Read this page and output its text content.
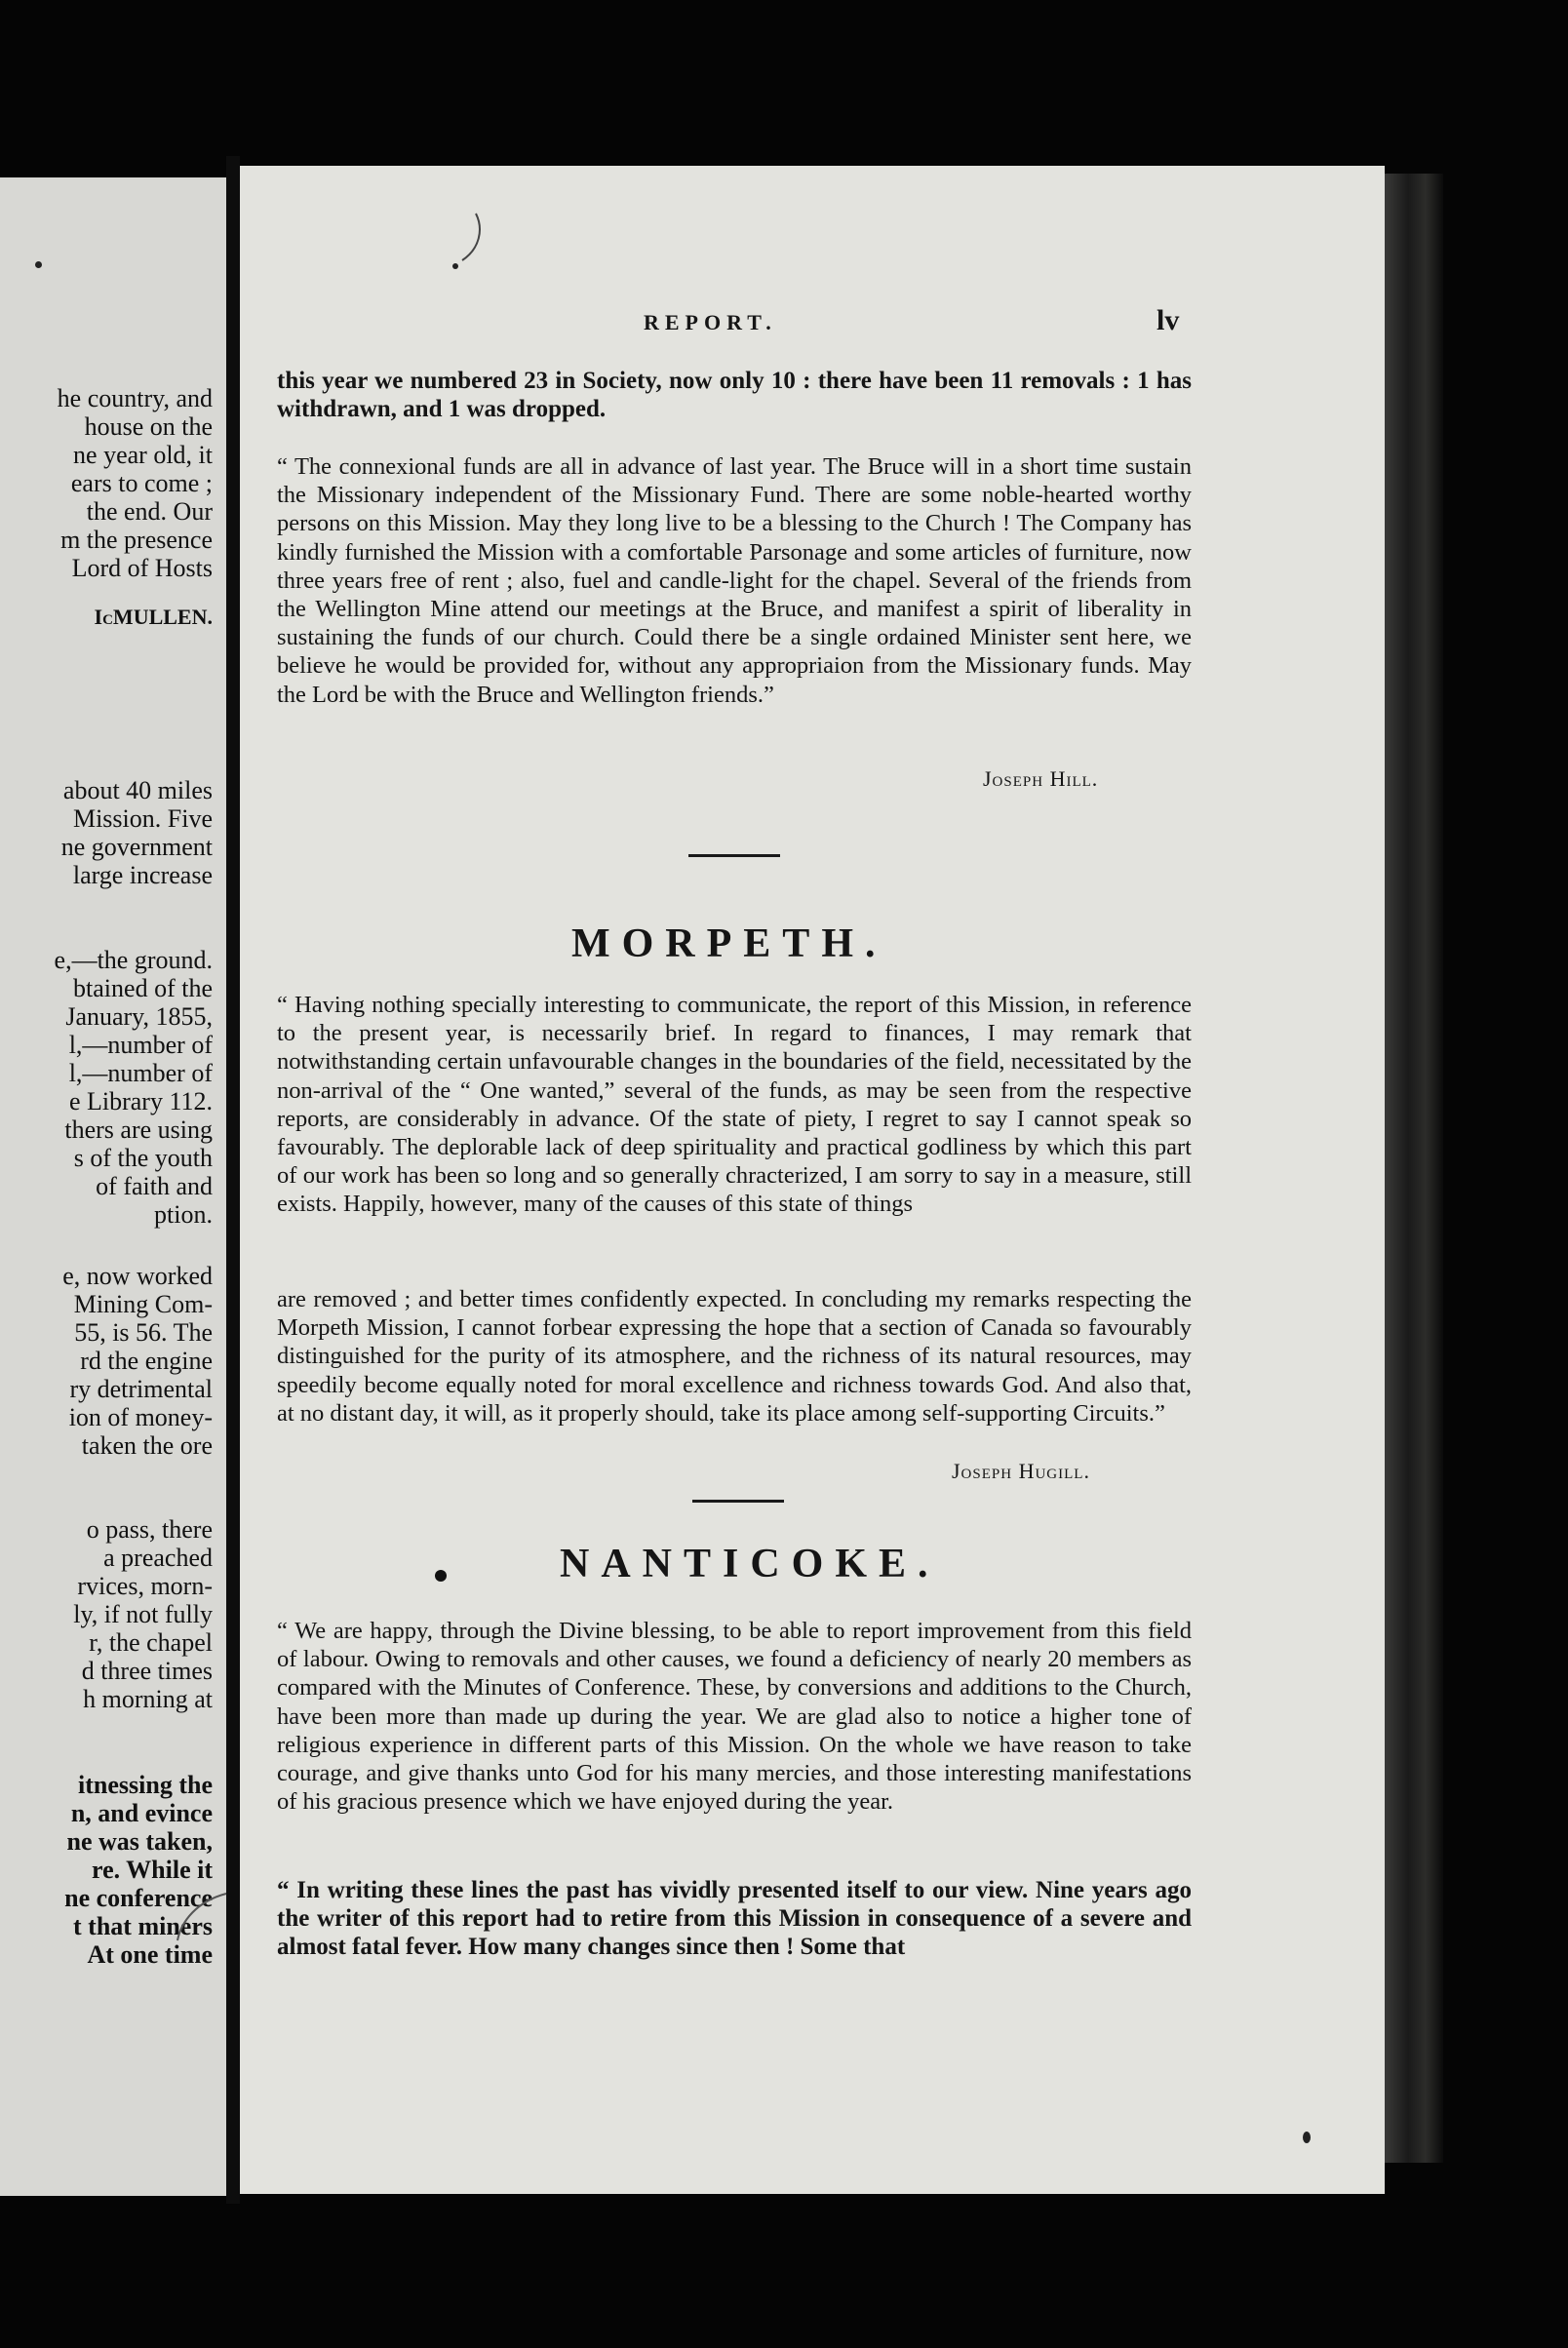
he country, and

house on the

ne year old, it

ears to come ;

the end. Our

m the presence

Lord of Hosts

IcMULLEN.

about 40 miles

Mission. Five

ne government

large increase

e,—the ground.

btained of the

January, 1855,

l,—number of

l,—number of

e Library 112.

thers are using

s of the youth

of faith and

ption.

e, now worked

Mining Com-

55, is 56. The

rd the engine

ry detrimental

ion of money-

taken the ore

o pass, there

a preached

rvices, morn-

ly, if not fully

r, the chapel

d three times

h morning at

itnessing the

n, and evince

ne was taken,

re. While it

ne conference

t that miners

At one time

REPORT.	lv

this year we numbered 23 in Society, now only 10 : there have been 11 removals : 1 has withdrawn, and 1 was dropped.

“ The connexional funds are all in advance of last year. The Bruce will in a short time sustain the Missionary independent of the Missionary Fund. There are some noble-hearted worthy persons on this Mission. May they long live to be a blessing to the Church ! The Company has kindly furnished the Mission with a comfortable Parsonage and some articles of furniture, now three years free of rent ; also, fuel and candle-light for the chapel. Several of the friends from the Wellington Mine attend our meetings at the Bruce, and manifest a spirit of liberality in sustaining the funds of our church. Could there be a single ordained Minister sent here, we believe he would be provided for, without any appropriaion from the Missionary funds. May the Lord be with the Bruce and Wellington friends.”

Joseph Hill.

MORPETH.

“ Having nothing specially interesting to communicate, the report of this Mission, in reference to the present year, is necessarily brief. In regard to finances, I may remark that notwithstanding certain unfavourable changes in the boundaries of the field, necessitated by the non-arrival of the “ One wanted,” several of the funds, as may be seen from the respective reports, are considerably in advance. Of the state of piety, I regret to say I cannot speak so favourably. The deplorable lack of deep spirituality and practical godliness by which this part of our work has been so long and so generally chracterized, I am sorry to say in a measure, still exists. Happily, however, many of the causes of this state of things

are removed ; and better times confidently expected. In concluding my remarks respecting the Morpeth Mission, I cannot forbear expressing the hope that a section of Canada so favourably distinguished for the purity of its atmosphere, and the richness of its natural resources, may speedily become equally noted for moral excellence and richness towards God. And also that, at no distant day, it will, as it properly should, take its place among self-supporting Circuits.”

Joseph Hugill.

NANTICOKE.

“ We are happy, through the Divine blessing, to be able to report improvement from this field of labour. Owing to removals and other causes, we found a deficiency of nearly 20 members as compared with the Minutes of Conference. These, by conversions and additions to the Church, have been more than made up during the year. We are glad also to notice a higher tone of religious experience in different parts of this Mission. On the whole we have reason to take courage, and give thanks unto God for his many mercies, and those interesting manifestations of his gracious presence which we have enjoyed during the year.

“ In writing these lines the past has vividly presented itself to our view. Nine years ago the writer of this report had to retire from this Mission in consequence of a severe and almost fatal fever. How many changes since then ! Some that
